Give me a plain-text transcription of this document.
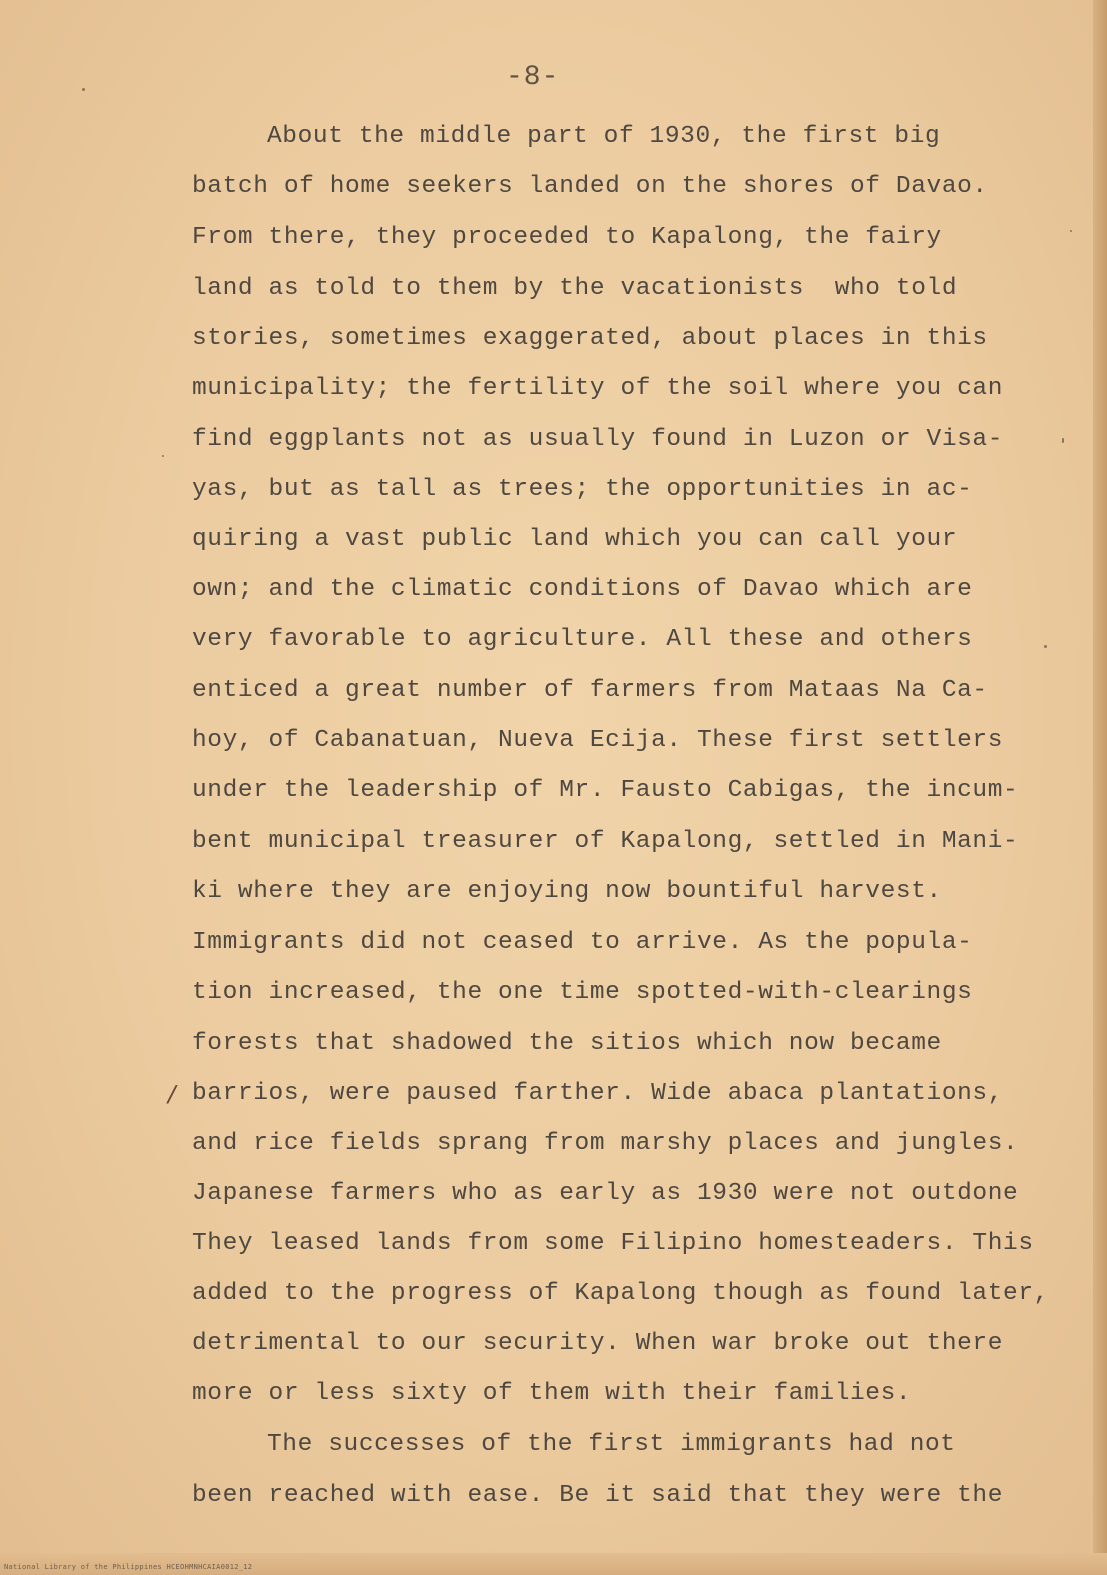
-8-

About the middle part of 1930, the first big

batch of home seekers landed on the shores of Davao.

From there, they proceeded to Kapalong, the fairy

land as told to them by the vacationists  who told

stories, sometimes exaggerated, about places in this

municipality; the fertility of the soil where you can

find eggplants not as usually found in Luzon or Visa-

yas, but as tall as trees; the opportunities in ac-

quiring a vast public land which you can call your

own; and the climatic conditions of Davao which are

very favorable to agriculture. All these and others

enticed a great number of farmers from Mataas Na Ca-

hoy, of Cabanatuan, Nueva Ecija. These first settlers

under the leadership of Mr. Fausto Cabigas, the incum-

bent municipal treasurer of Kapalong, settled in Mani-

ki where they are enjoying now bountiful harvest.

Immigrants did not ceased to arrive. As the popula-

tion increased, the one time spotted-with-clearings

forests that shadowed the sitios which now became

barrios, were paused farther. Wide abaca plantations,

and rice fields sprang from marshy places and jungles.

Japanese farmers who as early as 1930 were not outdone

They leased lands from some Filipino homesteaders. This

added to the progress of Kapalong though as found later,

detrimental to our security. When war broke out there

more or less sixty of them with their families.

The successes of the first immigrants had not

been reached with ease. Be it said that they were the

/
National Library of the Philippines HCEOHMNHCAIA0012_12
